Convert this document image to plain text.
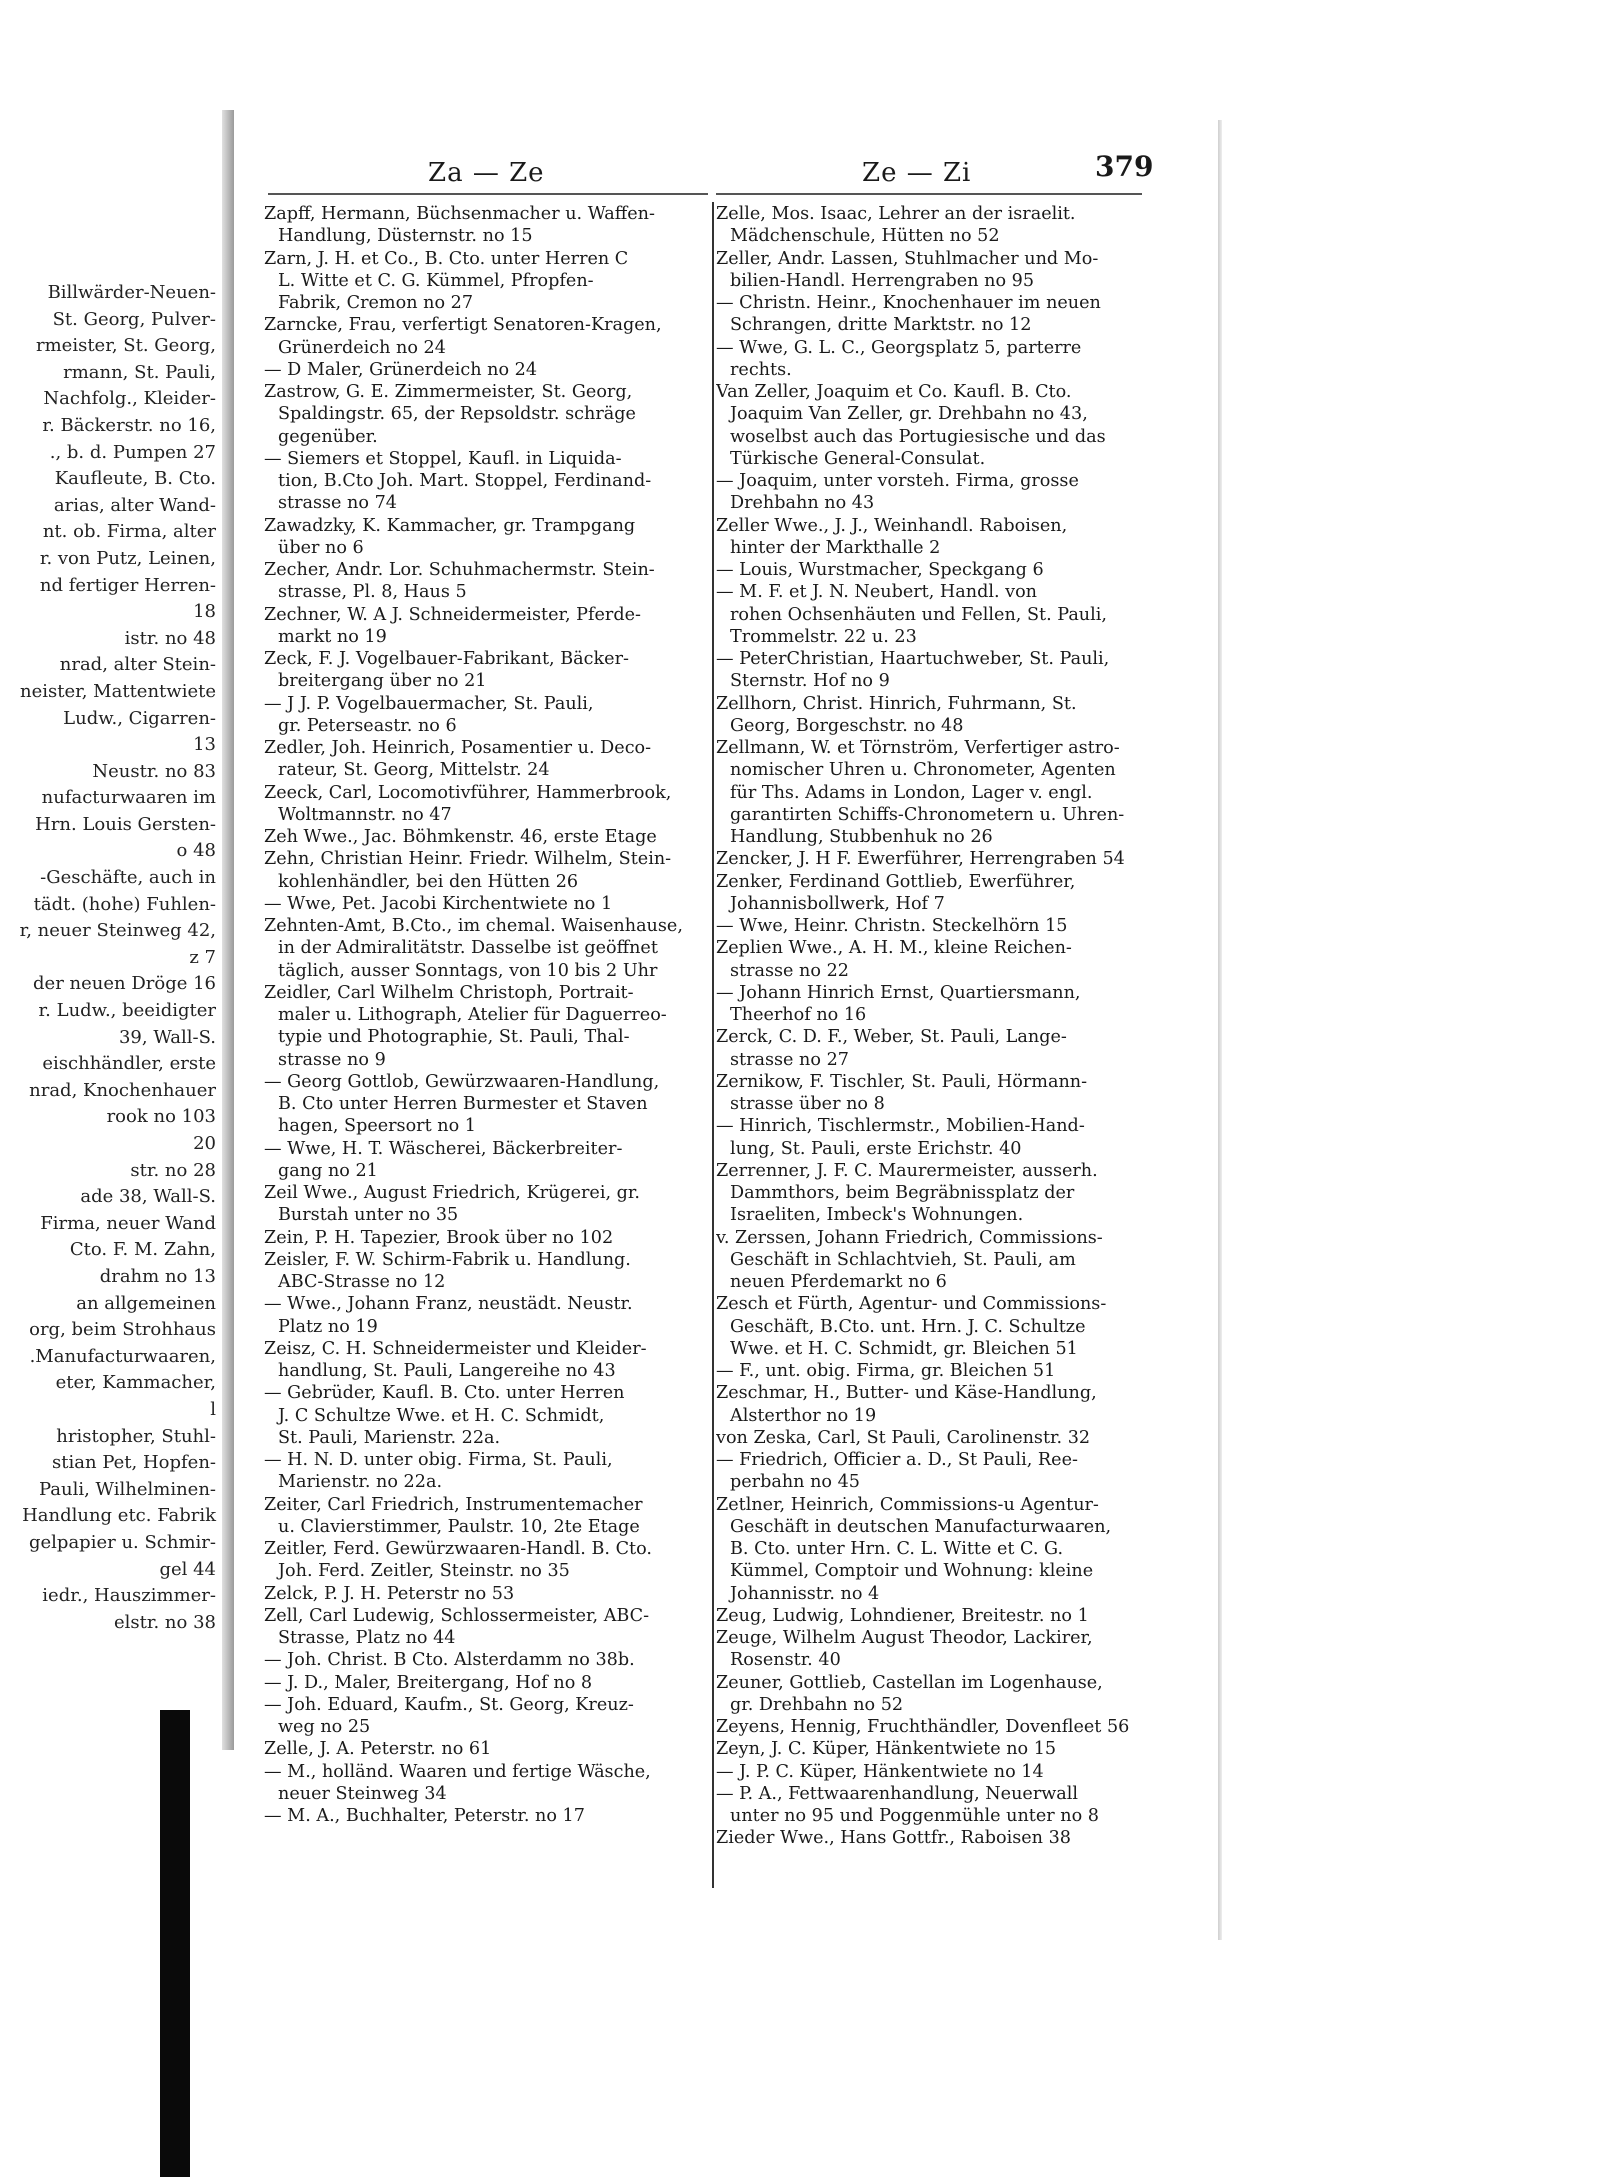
Billwärder-Neuen-
St. Georg, Pulver-
rmeister, St. Georg,
rmann, St. Pauli,
Nachfolg., Kleider-
r. Bäckerstr. no 16,
., b. d. Pumpen 27
Kaufleute, B. Cto.
arias, alter Wand-
nt. ob. Firma, alter
r. von Putz, Leinen,
nd fertiger Herren-
18
istr. no 48
nrad, alter Stein-
neister, Mattentwiete
Ludw., Cigarren-
13
Neustr. no 83
nufacturwaaren im
Hrn. Louis Gersten-
o 48
-Geschäfte, auch in
tädt. (hohe) Fuhlen-
r, neuer Steinweg 42,
z 7
der neuen Dröge 16
r. Ludw., beeidigter
39, Wall-S.
eischhändler, erste
nrad, Knochenhauer
rook no 103
20
str. no 28
ade 38, Wall-S.
Firma, neuer Wand
Cto. F. M. Zahn,
drahm no 13
an allgemeinen
org, beim Strohhaus
.Manufacturwaaren,
eter, Kammacher,
l
hristopher, Stuhl-
stian Pet, Hopfen-
Pauli, Wilhelminen-
Handlung etc. Fabrik
gelpapier u. Schmir-
gel 44
iedr., Hauszimmer-
elstr. no 38
Za — Ze	Ze — Zi	379
Zapff, Hermann, Büchsenmacher u. Waffen-
Handlung, Düsternstr. no 15
Zarn, J. H. et Co., B. Cto. unter Herren C
L. Witte et C. G. Kümmel, Pfropfen-
Fabrik, Cremon no 27
Zarncke, Frau, verfertigt Senatoren-Kragen,
Grünerdeich no 24
— D Maler, Grünerdeich no 24
Zastrow, G. E. Zimmermeister, St. Georg,
Spaldingstr. 65, der Repsoldstr. schräge
gegenüber.
— Siemers et Stoppel, Kaufl. in Liquida-
tion, B.Cto Joh. Mart. Stoppel, Ferdinand-
strasse no 74
Zawadzky, K. Kammacher, gr. Trampgang
über no 6
Zecher, Andr. Lor. Schuhmachermstr. Stein-
strasse, Pl. 8, Haus 5
Zechner, W. A J. Schneidermeister, Pferde-
markt no 19
Zeck, F. J. Vogelbauer-Fabrikant, Bäcker-
breitergang über no 21
— J J. P. Vogelbauermacher, St. Pauli,
gr. Peterseastr. no 6
Zedler, Joh. Heinrich, Posamentier u. Deco-
rateur, St. Georg, Mittelstr. 24
Zeeck, Carl, Locomotivführer, Hammerbrook,
Woltmannstr. no 47
Zeh Wwe., Jac. Böhmkenstr. 46, erste Etage
Zehn, Christian Heinr. Friedr. Wilhelm, Stein-
kohlenhändler, bei den Hütten 26
— Wwe, Pet. Jacobi Kirchentwiete no 1
Zehnten-Amt, B.Cto., im chemal. Waisenhause,
in der Admiralitätstr. Dasselbe ist geöffnet
täglich, ausser Sonntags, von 10 bis 2 Uhr
Zeidler, Carl Wilhelm Christoph, Portrait-
maler u. Lithograph, Atelier für Daguerreo-
typie und Photographie, St. Pauli, Thal-
strasse no 9
— Georg Gottlob, Gewürzwaaren-Handlung,
B. Cto unter Herren Burmester et Staven
hagen, Speersort no 1
— Wwe, H. T. Wäscherei, Bäckerbreiter-
gang no 21
Zeil Wwe., August Friedrich, Krügerei, gr.
Burstah unter no 35
Zein, P. H. Tapezier, Brook über no 102
Zeisler, F. W. Schirm-Fabrik u. Handlung.
ABC-Strasse no 12
— Wwe., Johann Franz, neustädt. Neustr.
Platz no 19
Zeisz, C. H. Schneidermeister und Kleider-
handlung, St. Pauli, Langereihe no 43
— Gebrüder, Kaufl. B. Cto. unter Herren
J. C Schultze Wwe. et H. C. Schmidt,
St. Pauli, Marienstr. 22a.
— H. N. D. unter obig. Firma, St. Pauli,
Marienstr. no 22a.
Zeiter, Carl Friedrich, Instrumentemacher
u. Clavierstimmer, Paulstr. 10, 2te Etage
Zeitler, Ferd. Gewürzwaaren-Handl. B. Cto.
Joh. Ferd. Zeitler, Steinstr. no 35
Zelck, P. J. H. Peterstr no 53
Zell, Carl Ludewig, Schlossermeister, ABC-
Strasse, Platz no 44
— Joh. Christ. B Cto. Alsterdamm no 38b.
— J. D., Maler, Breitergang, Hof no 8
— Joh. Eduard, Kaufm., St. Georg, Kreuz-
weg no 25
Zelle, J. A. Peterstr. no 61
— M., holländ. Waaren und fertige Wäsche,
neuer Steinweg 34
— M. A., Buchhalter, Peterstr. no 17
Zelle, Mos. Isaac, Lehrer an der israelit.
Mädchenschule, Hütten no 52
Zeller, Andr. Lassen, Stuhlmacher und Mo-
bilien-Handl. Herrengraben no 95
— Christn. Heinr., Knochenhauer im neuen
Schrangen, dritte Marktstr. no 12
— Wwe, G. L. C., Georgsplatz 5, parterre
rechts.
Van Zeller, Joaquim et Co. Kaufl. B. Cto.
Joaquim Van Zeller, gr. Drehbahn no 43,
woselbst auch das Portugiesische und das
Türkische General-Consulat.
— Joaquim, unter vorsteh. Firma, grosse
Drehbahn no 43
Zeller Wwe., J. J., Weinhandl. Raboisen,
hinter der Markthalle 2
— Louis, Wurstmacher, Speckgang 6
— M. F. et J. N. Neubert, Handl. von
rohen Ochsenhäuten und Fellen, St. Pauli,
Trommelstr. 22 u. 23
— PeterChristian, Haartuchweber, St. Pauli,
Sternstr. Hof no 9
Zellhorn, Christ. Hinrich, Fuhrmann, St.
Georg, Borgeschstr. no 48
Zellmann, W. et Törnström, Verfertiger astro-
nomischer Uhren u. Chronometer, Agenten
für Ths. Adams in London, Lager v. engl.
garantirten Schiffs-Chronometern u. Uhren-
Handlung, Stubbenhuk no 26
Zencker, J. H F. Ewerführer, Herrengraben 54
Zenker, Ferdinand Gottlieb, Ewerführer,
Johannisbollwerk, Hof 7
— Wwe, Heinr. Christn. Steckelhörn 15
Zeplien Wwe., A. H. M., kleine Reichen-
strasse no 22
— Johann Hinrich Ernst, Quartiersmann,
Theerhof no 16
Zerck, C. D. F., Weber, St. Pauli, Lange-
strasse no 27
Zernikow, F. Tischler, St. Pauli, Hörmann-
strasse über no 8
— Hinrich, Tischlermstr., Mobilien-Hand-
lung, St. Pauli, erste Erichstr. 40
Zerrenner, J. F. C. Maurermeister, ausserh.
Dammthors, beim Begräbnissplatz der
Israeliten, Imbeck's Wohnungen.
v. Zerssen, Johann Friedrich, Commissions-
Geschäft in Schlachtvieh, St. Pauli, am
neuen Pferdemarkt no 6
Zesch et Fürth, Agentur- und Commissions-
Geschäft, B.Cto. unt. Hrn. J. C. Schultze
Wwe. et H. C. Schmidt, gr. Bleichen 51
— F., unt. obig. Firma, gr. Bleichen 51
Zeschmar, H., Butter- und Käse-Handlung,
Alsterthor no 19
von Zeska, Carl, St Pauli, Carolinenstr. 32
— Friedrich, Officier a. D., St Pauli, Ree-
perbahn no 45
Zetlner, Heinrich, Commissions-u Agentur-
Geschäft in deutschen Manufacturwaaren,
B. Cto. unter Hrn. C. L. Witte et C. G.
Kümmel, Comptoir und Wohnung: kleine
Johannisstr. no 4
Zeug, Ludwig, Lohndiener, Breitestr. no 1
Zeuge, Wilhelm August Theodor, Lackirer,
Rosenstr. 40
Zeuner, Gottlieb, Castellan im Logenhause,
gr. Drehbahn no 52
Zeyens, Hennig, Fruchthändler, Dovenfleet 56
Zeyn, J. C. Küper, Hänkentwiete no 15
— J. P. C. Küper, Hänkentwiete no 14
— P. A., Fettwaarenhandlung, Neuerwall
unter no 95 und Poggenmühle unter no 8
Zieder Wwe., Hans Gottfr., Raboisen 38
